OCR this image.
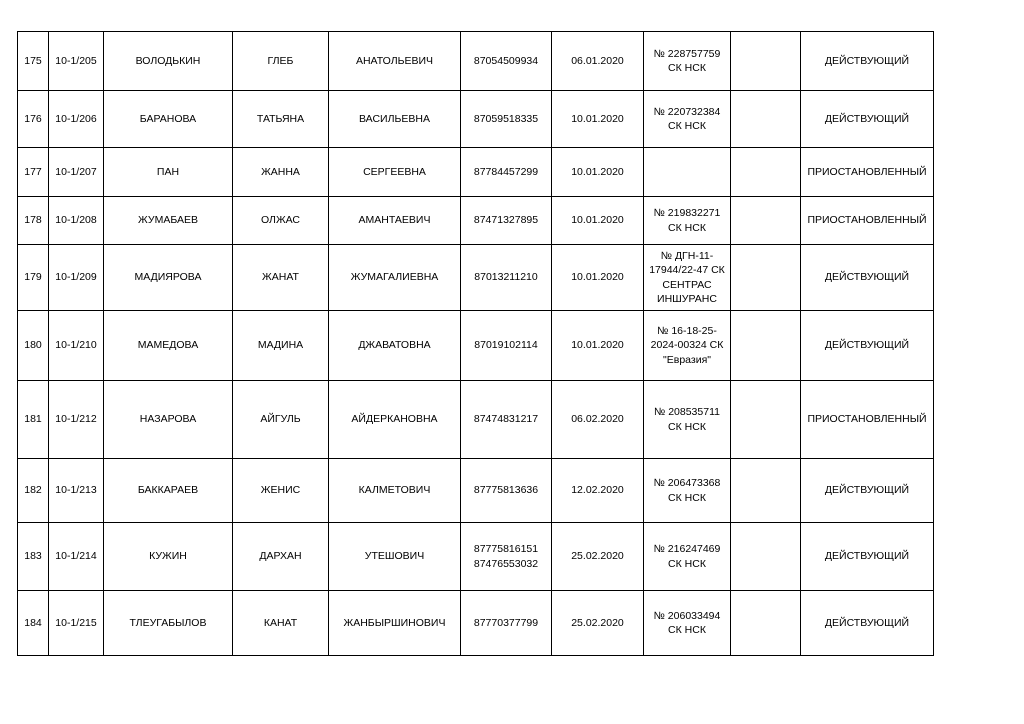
175	10-1/205	ВОЛОДЬКИН	ГЛЕБ	АНАТОЛЬЕВИЧ	87054509934	06.01.2020	№ 228757759 СК НСК		ДЕЙСТВУЮЩИЙ
176	10-1/206	БАРАНОВА	ТАТЬЯНА	ВАСИЛЬЕВНА	87059518335	10.01.2020	№ 220732384 СК НСК		ДЕЙСТВУЮЩИЙ
177	10-1/207	ПАН	ЖАННА	СЕРГЕЕВНА	87784457299	10.01.2020			ПРИОСТАНОВЛЕННЫЙ
178	10-1/208	ЖУМАБАЕВ	ОЛЖАС	АМАНТАЕВИЧ	87471327895	10.01.2020	№ 219832271 СК НСК		ПРИОСТАНОВЛЕННЫЙ
179	10-1/209	МАДИЯРОВА	ЖАНАТ	ЖУМАГАЛИЕВНА	87013211210	10.01.2020	№ ДГН-11-17944/22-47 СК СЕНТРАС ИНШУРАНС		ДЕЙСТВУЮЩИЙ
180	10-1/210	МАМЕДОВА	МАДИНА	ДЖАВАТОВНА	87019102114	10.01.2020	№ 16-18-25-2024-00324 СК "Евразия"		ДЕЙСТВУЮЩИЙ
181	10-1/212	НАЗАРОВА	АЙГУЛЬ	АЙДЕРКАНОВНА	87474831217	06.02.2020	№ 208535711 СК НСК		ПРИОСТАНОВЛЕННЫЙ
182	10-1/213	БАККАРАЕВ	ЖЕНИС	КАЛМЕТОВИЧ	87775813636	12.02.2020	№ 206473368 СК НСК		ДЕЙСТВУЮЩИЙ
183	10-1/214	КУЖИН	ДАРХАН	УТЕШОВИЧ	87775816151 87476553032	25.02.2020	№ 216247469 СК НСК		ДЕЙСТВУЮЩИЙ
184	10-1/215	ТЛЕУГАБЫЛОВ	КАНАТ	ЖАНБЫРШИНОВИЧ	87770377799	25.02.2020	№ 206033494 СК НСК		ДЕЙСТВУЮЩИЙ
